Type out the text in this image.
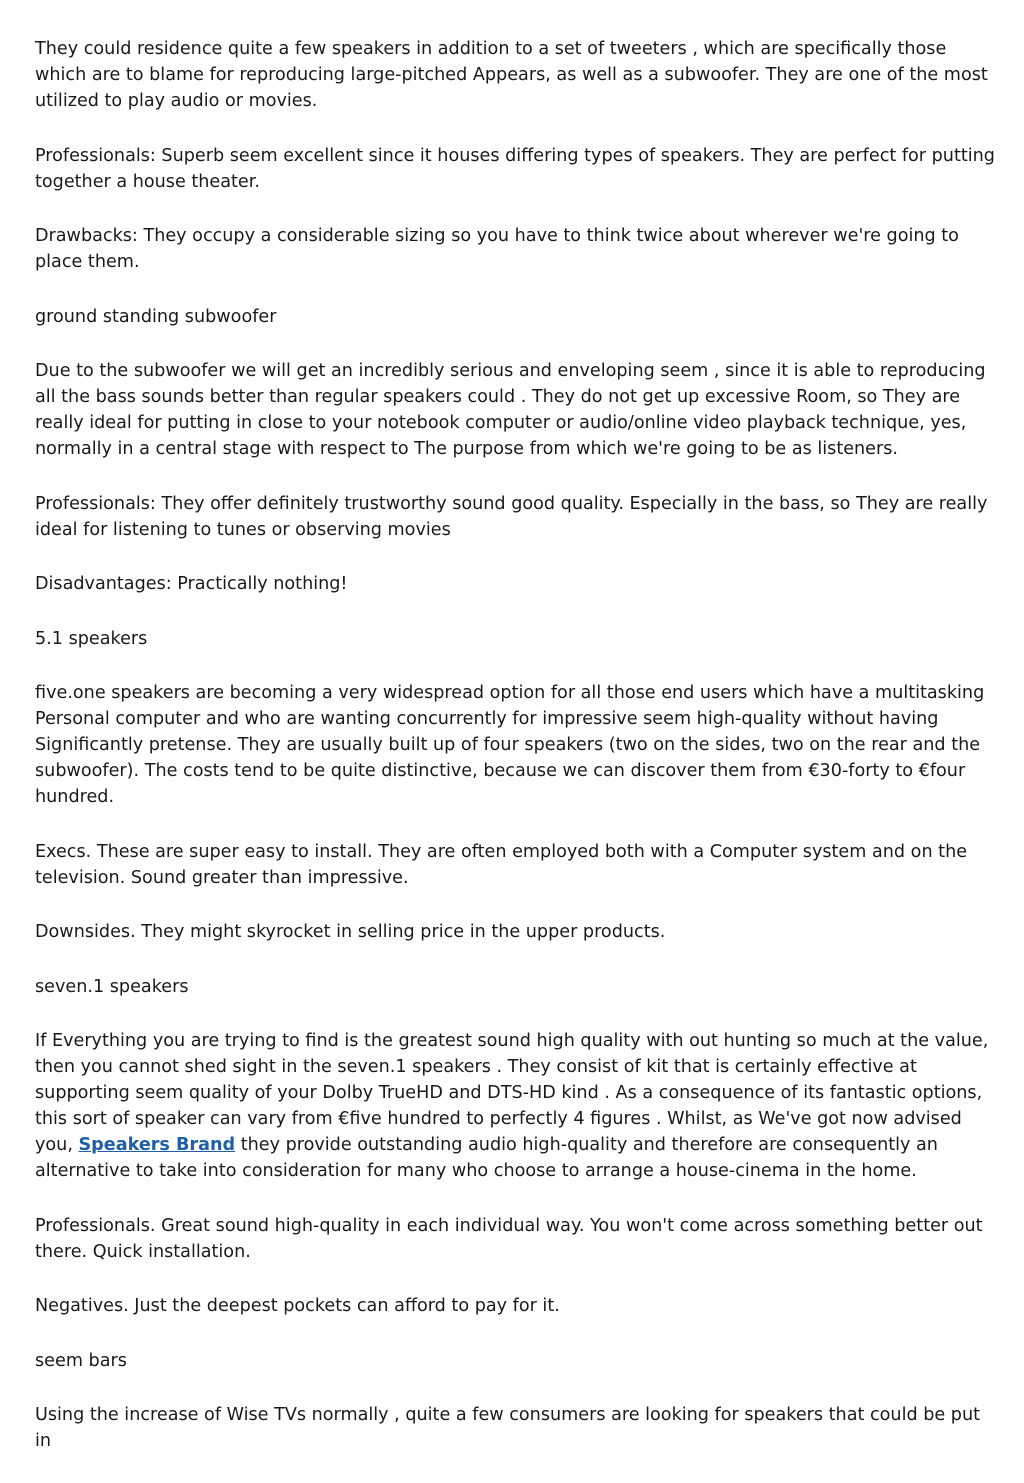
They could residence quite a few speakers in addition to a set of tweeters , which are specifically those which are to blame for reproducing large-pitched Appears, as well as a subwoofer. They are one of the most utilized to play audio or movies.

Professionals: Superb seem excellent since it houses differing types of speakers. They are perfect for putting together a house theater.

Drawbacks: They occupy a considerable sizing so you have to think twice about wherever we're going to place them.

ground standing subwoofer

Due to the subwoofer we will get an incredibly serious and enveloping seem , since it is able to reproducing all the bass sounds better than regular speakers could . They do not get up excessive Room, so They are really ideal for putting in close to your notebook computer or audio/online video playback technique, yes, normally in a central stage with respect to The purpose from which we're going to be as listeners.

Professionals: They offer definitely trustworthy sound good quality. Especially in the bass, so They are really ideal for listening to tunes or observing movies

Disadvantages: Practically nothing!

5.1 speakers

five.one speakers are becoming a very widespread option for all those end users which have a multitasking Personal computer and who are wanting concurrently for impressive seem high-quality without having Significantly pretense. They are usually built up of four speakers (two on the sides, two on the rear and the subwoofer). The costs tend to be quite distinctive, because we can discover them from €30-forty to €four hundred.

Execs. These are super easy to install. They are often employed both with a Computer system and on the television. Sound greater than impressive.

Downsides. They might skyrocket in selling price in the upper products.

seven.1 speakers

If Everything you are trying to find is the greatest sound high quality with out hunting so much at the value, then you cannot shed sight in the seven.1 speakers . They consist of kit that is certainly effective at supporting seem quality of your Dolby TrueHD and DTS-HD kind . As a consequence of its fantastic options, this sort of speaker can vary from €five hundred to perfectly 4 figures . Whilst, as We've got now advised you, Speakers Brand they provide outstanding audio high-quality and therefore are consequently an alternative to take into consideration for many who choose to arrange a house-cinema in the home.

Professionals. Great sound high-quality in each individual way. You won't come across something better out there. Quick installation.

Negatives. Just the deepest pockets can afford to pay for it.

seem bars

Using the increase of Wise TVs normally , quite a few consumers are looking for speakers that could be put in
